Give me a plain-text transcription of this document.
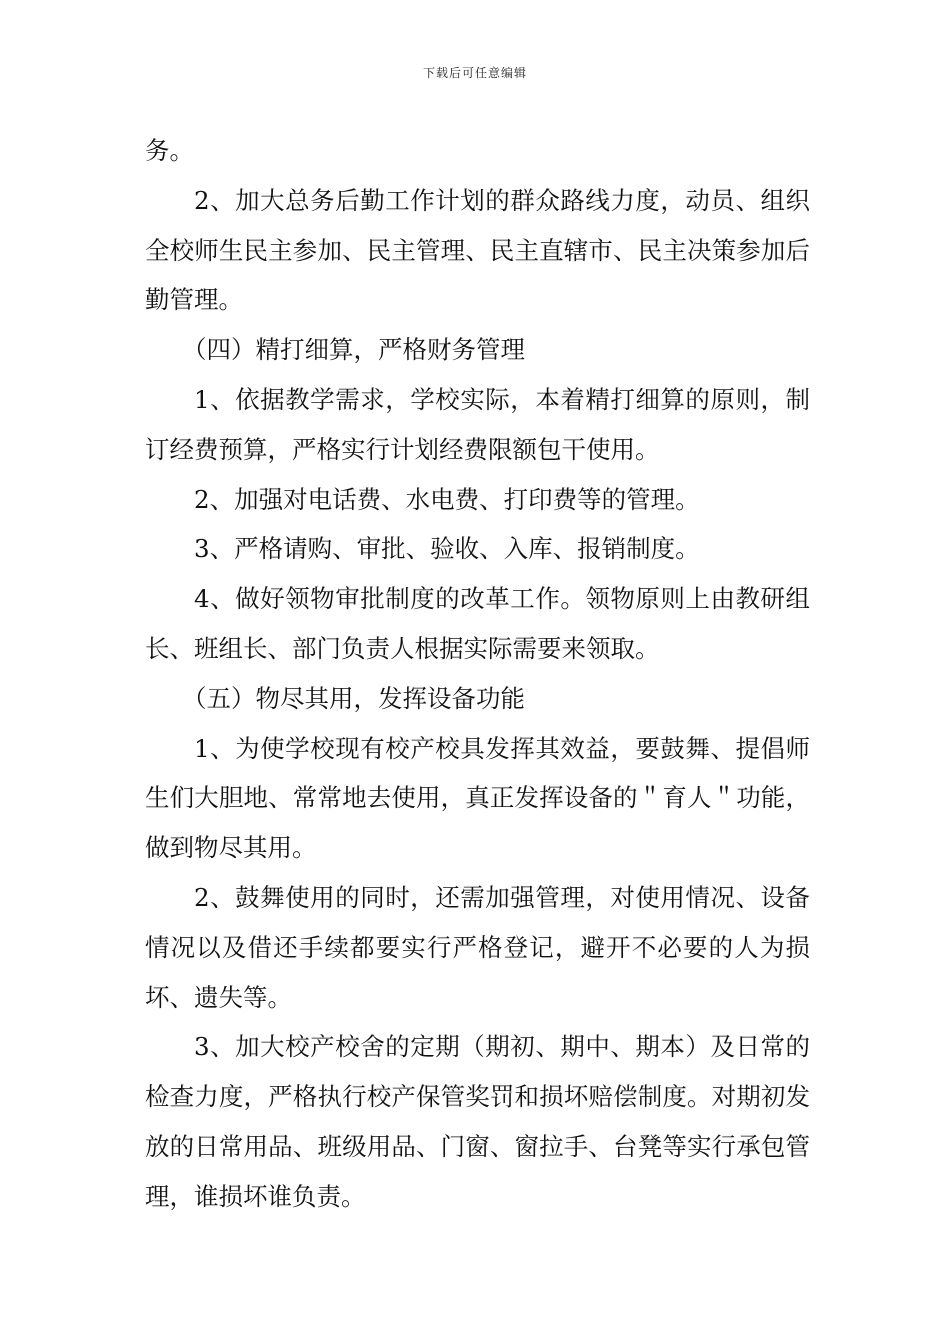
下载后可任意编辑

务。

2、加大总务后勤工作计划的群众路线力度，动员、组织全校师生民主参加、民主管理、民主直辖市、民主决策参加后勤管理。

（四）精打细算，严格财务管理

1、依据教学需求，学校实际，本着精打细算的原则，制订经费预算，严格实行计划经费限额包干使用。

2、加强对电话费、水电费、打印费等的管理。

3、严格请购、审批、验收、入库、报销制度。

4、做好领物审批制度的改革工作。领物原则上由教研组长、班组长、部门负责人根据实际需要来领取。

（五）物尽其用，发挥设备功能

1、为使学校现有校产校具发挥其效益，要鼓舞、提倡师生们大胆地、常常地去使用，真正发挥设备的＂育人＂功能，做到物尽其用。

2、鼓舞使用的同时，还需加强管理，对使用情况、设备情况以及借还手续都要实行严格登记，避开不必要的人为损坏、遗失等。

3、加大校产校舍的定期（期初、期中、期本）及日常的检查力度，严格执行校产保管奖罚和损坏赔偿制度。对期初发放的日常用品、班级用品、门窗、窗拉手、台凳等实行承包管理，谁损坏谁负责。
